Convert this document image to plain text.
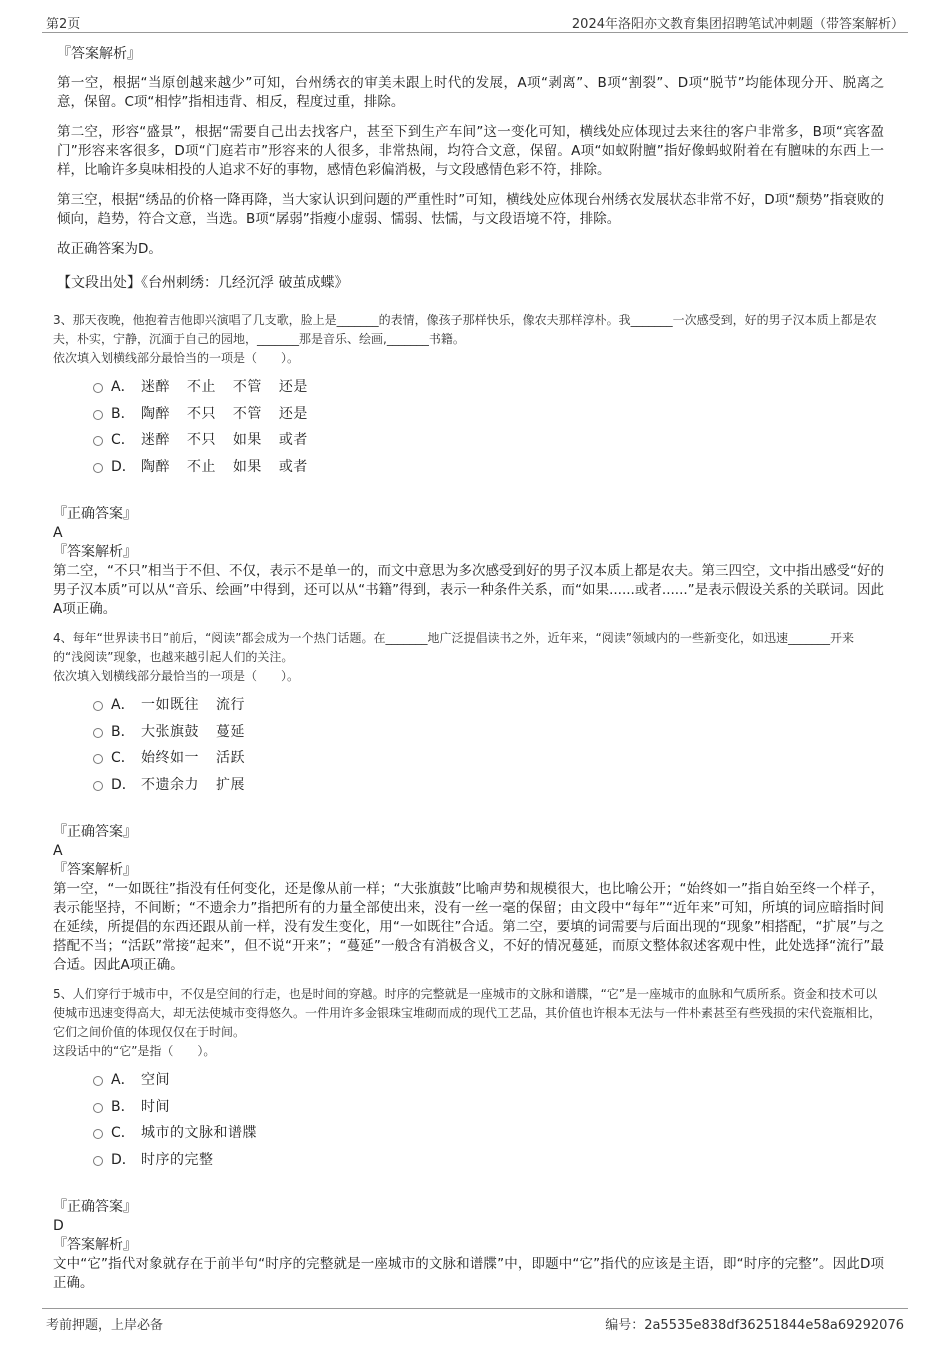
第2页	2024年洛阳亦文教育集团招聘笔试冲刺题（带答案解析）

『答案解析』

第一空，根据“当原创越来越少”可知，台州绣衣的审美未跟上时代的发展，A项“剥离”、B项“割裂”、D项“脱节”均能体现分开、脱离之意，保留。C项“相悖”指相违背、相反，程度过重，排除。

第二空，形容“盛景”，根据“需要自己出去找客户，甚至下到生产车间”这一变化可知，横线处应体现过去来往的客户非常多，B项“宾客盈门”形容来客很多，D项“门庭若市”形容来的人很多，非常热闹，均符合文意，保留。A项“如蚁附膻”指好像蚂蚁附着在有膻味的东西上一样，比喻许多臭味相投的人追求不好的事物，感情色彩偏消极，与文段感情色彩不符，排除。

第三空，根据“绣品的价格一降再降，当大家认识到问题的严重性时”可知，横线处应体现台州绣衣发展状态非常不好，D项“颓势”指衰败的倾向，趋势，符合文意，当选。B项“孱弱”指瘦小虚弱、懦弱、怯懦，与文段语境不符，排除。

故正确答案为D。

【文段出处】《台州刺绣：几经沉浮 破茧成蝶》

3、那天夜晚，他抱着吉他即兴演唱了几支歌，脸上是_______的表情，像孩子那样快乐，像农夫那样淳朴。我_______一次感受到，好的男子汉本质上都是农夫，朴实，宁静，沉湎于自己的园地，_______那是音乐、绘画,_______书籍。

依次填入划横线部分最恰当的一项是（　　）。

A． 迷醉 不止 不管 还是
B． 陶醉 不只 不管 还是
C． 迷醉 不只 如果 或者
D． 陶醉 不止 如果 或者

『正确答案』

A

『答案解析』

第二空，“不只”相当于不但、不仅，表示不是单一的，而文中意思为多次感受到好的男子汉本质上都是农夫。第三四空，文中指出感受“好的男子汉本质”可以从“音乐、绘画”中得到，还可以从“书籍”得到，表示一种条件关系，而“如果......或者......”是表示假设关系的关联词。因此A项正确。

4、每年“世界读书日”前后，“阅读”都会成为一个热门话题。在_______地广泛提倡读书之外，近年来，“阅读”领域内的一些新变化，如迅速_______开来的“浅阅读”现象，也越来越引起人们的关注。

依次填入划横线部分最恰当的一项是（　　）。

A． 一如既往 流行
B． 大张旗鼓 蔓延
C． 始终如一 活跃
D． 不遗余力 扩展

『正确答案』

A

『答案解析』

第一空，“一如既往”指没有任何变化，还是像从前一样；“大张旗鼓”比喻声势和规模很大，也比喻公开；“始终如一”指自始至终一个样子，表示能坚持，不间断；“不遗余力”指把所有的力量全部使出来，没有一丝一毫的保留；由文段中“每年”“近年来”可知，所填的词应暗指时间在延续，所提倡的东西还跟从前一样，没有发生变化，用“一如既往”合适。第二空，要填的词需要与后面出现的“现象”相搭配，“扩展”与之搭配不当；“活跃”常接“起来”，但不说“开来”；“蔓延”一般含有消极含义，不好的情况蔓延，而原文整体叙述客观中性，此处选择“流行”最合适。因此A项正确。

5、人们穿行于城市中，不仅是空间的行走，也是时间的穿越。时序的完整就是一座城市的文脉和谱牒，“它”是一座城市的血脉和气质所系。资金和技术可以使城市迅速变得高大，却无法使城市变得悠久。一件用许多金银珠宝堆砌而成的现代工艺品，其价值也许根本无法与一件朴素甚至有些残损的宋代瓷瓶相比，它们之间价值的体现仅仅在于时间。

这段话中的“它”是指（　　）。

A． 空间
B． 时间
C． 城市的文脉和谱牒
D． 时序的完整

『正确答案』

D

『答案解析』

文中“它”指代对象就存在于前半句“时序的完整就是一座城市的文脉和谱牒”中，即题中“它”指代的应该是主语，即“时序的完整”。因此D项正确。

考前押题，上岸必备	编号：2a5535e838df36251844e58a69292076
